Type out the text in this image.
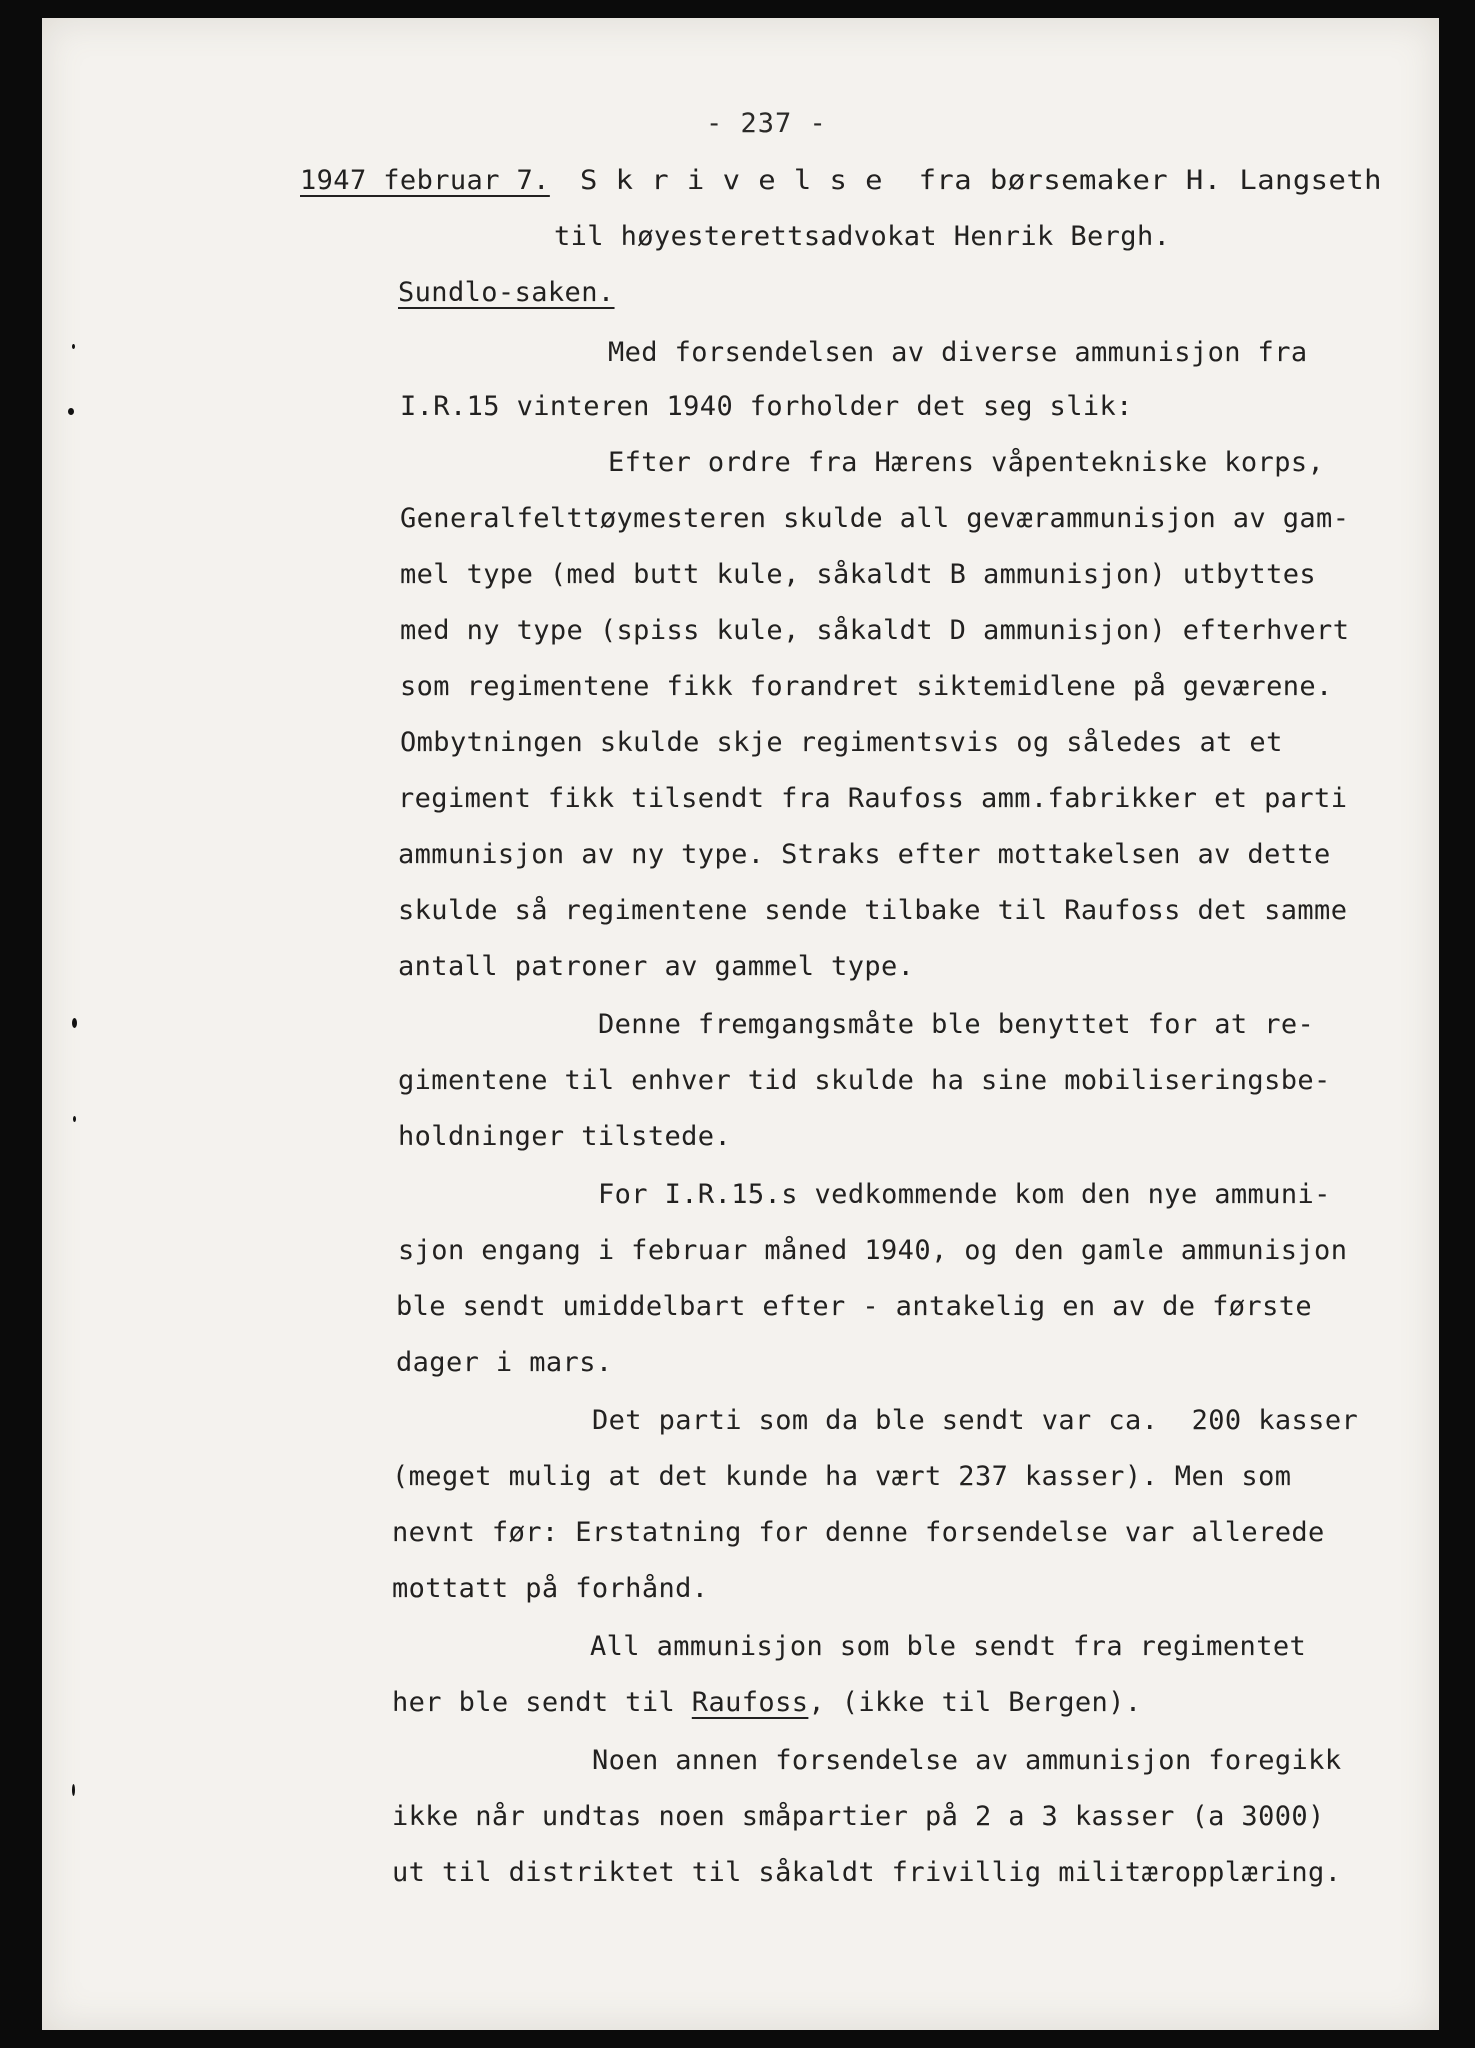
- 237 -
1947 februar 7. S k r i v e l s e  fra børsemaker H. Langseth
til høyesterettsadvokat Henrik Bergh.
Sundlo-saken.
Med forsendelsen av diverse ammunisjon fra
I.R.15 vinteren 1940 forholder det seg slik:
Efter ordre fra Hærens våpentekniske korps,
Generalfelttøymesteren skulde all geværammunisjon av gam-
mel type (med butt kule, såkaldt B ammunisjon) utbyttes
med ny type (spiss kule, såkaldt D ammunisjon) efterhvert
som regimentene fikk forandret siktemidlene på geværene.
Ombytningen skulde skje regimentsvis og således at et
regiment fikk tilsendt fra Raufoss amm.fabrikker et parti
ammunisjon av ny type. Straks efter mottakelsen av dette
skulde så regimentene sende tilbake til Raufoss det samme
antall patroner av gammel type.
Denne fremgangsmåte ble benyttet for at re-
gimentene til enhver tid skulde ha sine mobiliseringsbe-
holdninger tilstede.
For I.R.15.s vedkommende kom den nye ammuni-
sjon engang i februar måned 1940, og den gamle ammunisjon
ble sendt umiddelbart efter - antakelig en av de første
dager i mars.
Det parti som da ble sendt var ca.  200 kasser
(meget mulig at det kunde ha vært 237 kasser). Men som
nevnt før: Erstatning for denne forsendelse var allerede
mottatt på forhånd.
All ammunisjon som ble sendt fra regimentet
her ble sendt til Raufoss, (ikke til Bergen).
Noen annen forsendelse av ammunisjon foregikk
ikke når undtas noen småpartier på 2 a 3 kasser (a 3000)
ut til distriktet til såkaldt frivillig militæropplæring.
